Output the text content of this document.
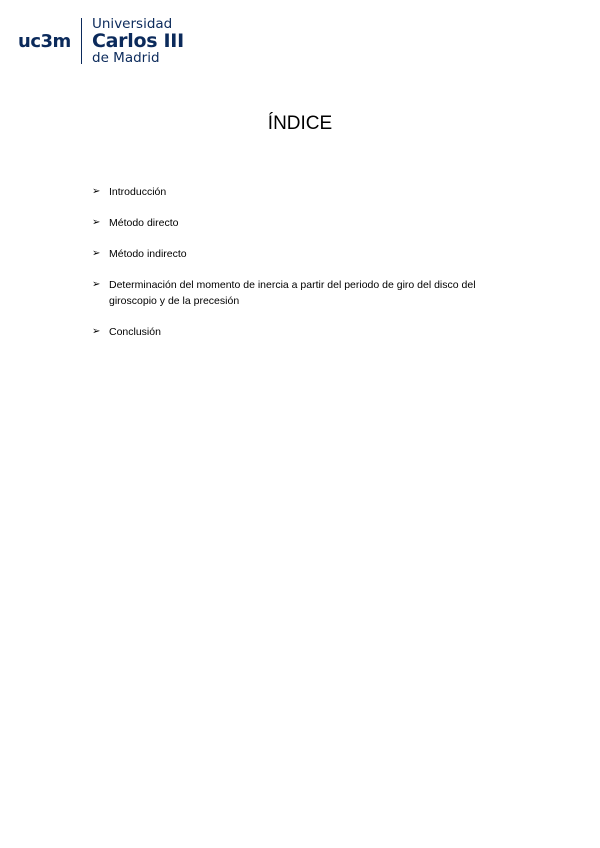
uc3m
Universidad
Carlos III
de Madrid
ÍNDICE
➢ Introducción
➢ Método directo
➢ Método indirecto
➢ Determinación del momento de inercia a partir del periodo de giro del disco del giroscopio y de la precesión
➢ Conclusión
